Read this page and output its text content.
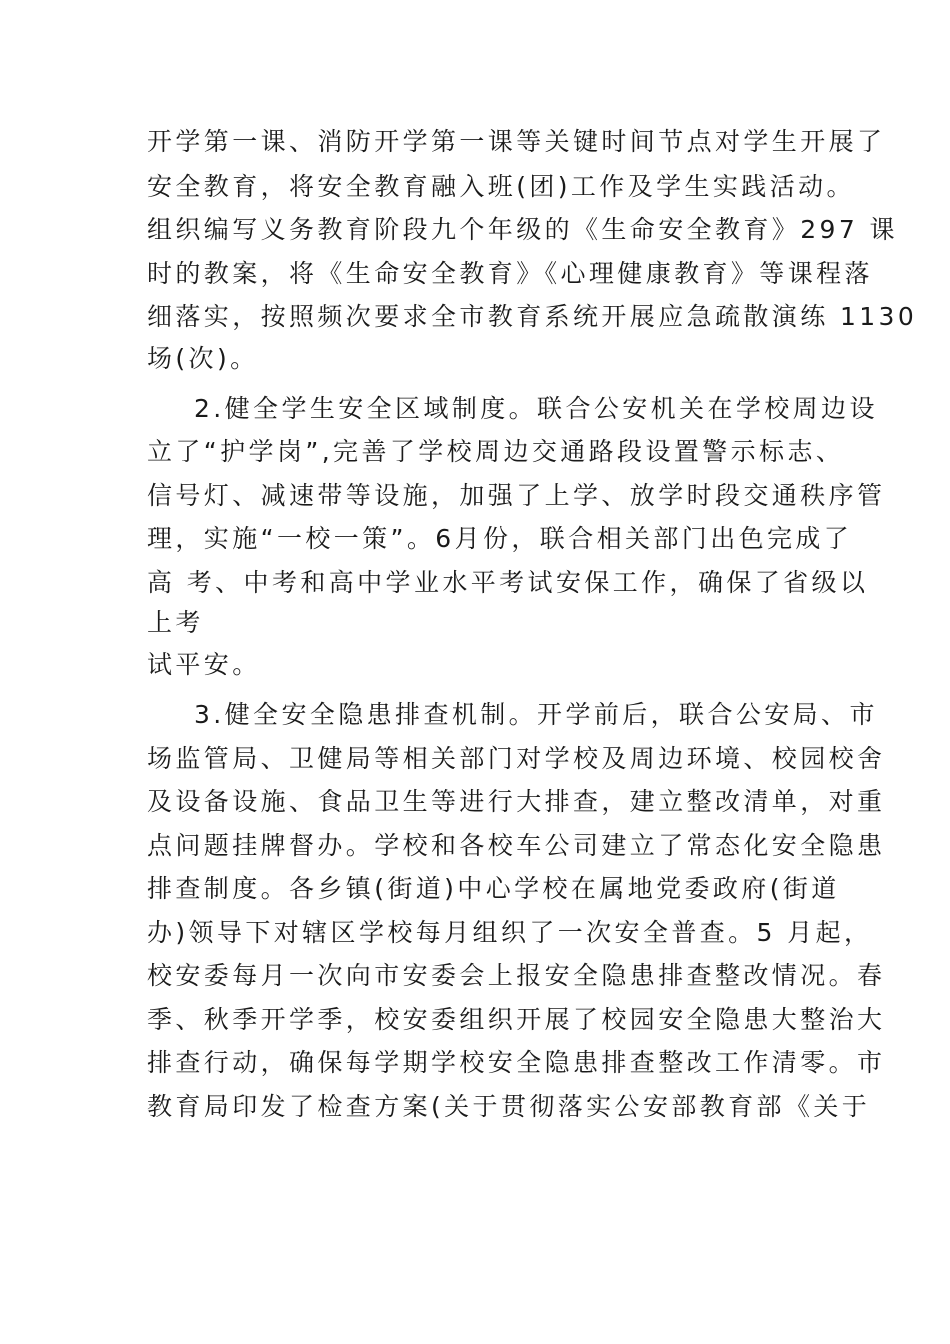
开学第一课、消防开学第一课等关键时间节点对学生开展了
安全教育，将安全教育融入班(团)工作及学生实践活动。
组织编写义务教育阶段九个年级的《生命安全教育》297 课
时的教案，将《生命安全教育》《心理健康教育》等课程落
细落实，按照频次要求全市教育系统开展应急疏散演练 1130
场(次)。
2.健全学生安全区域制度。联合公安机关在学校周边设
立了“护学岗”,完善了学校周边交通路段设置警示标志、
信号灯、减速带等设施，加强了上学、放学时段交通秩序管
理，实施“一校一策”。6月份，联合相关部门出色完成了
高 考、中考和高中学业水平考试安保工作，确保了省级以
上考
试平安。
3.健全安全隐患排查机制。开学前后，联合公安局、市
场监管局、卫健局等相关部门对学校及周边环境、校园校舍
及设备设施、食品卫生等进行大排查，建立整改清单，对重
点问题挂牌督办。学校和各校车公司建立了常态化安全隐患
排查制度。各乡镇(街道)中心学校在属地党委政府(街道
办)领导下对辖区学校每月组织了一次安全普查。5 月起，
校安委每月一次向市安委会上报安全隐患排查整改情况。春
季、秋季开学季，校安委组织开展了校园安全隐患大整治大
排查行动，确保每学期学校安全隐患排查整改工作清零。市
教育局印发了检查方案(关于贯彻落实公安部教育部《关于
